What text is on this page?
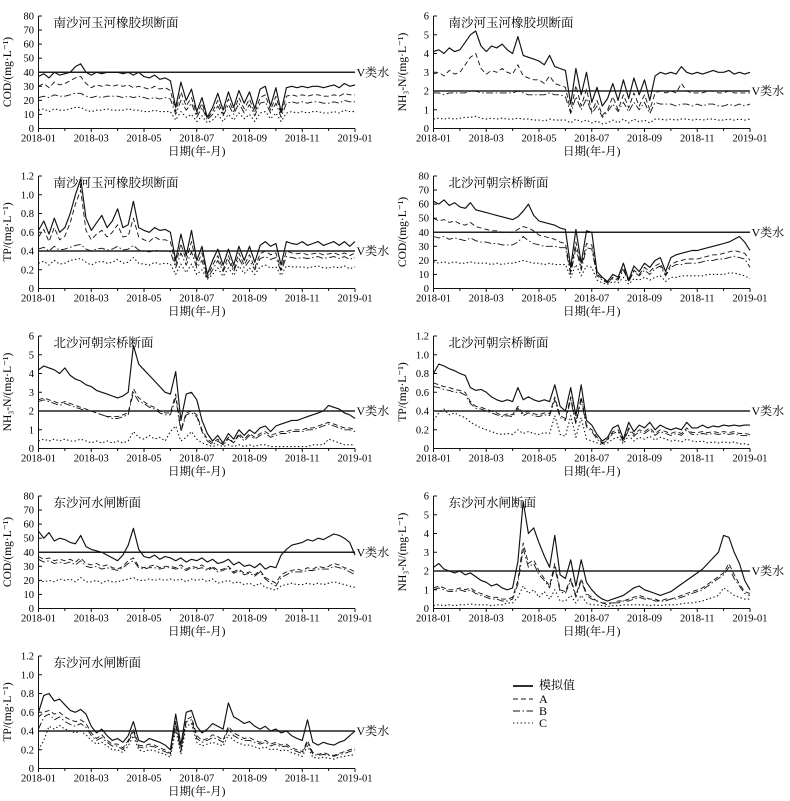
0
10
20
30
40
50
60
70
80
2018-01 2018-03 2018-05 2018-07 2018-09 2018-11 2019-01
南沙河玉河橡胶坝断面
COD/(mg·L⁻¹)
日期(年-月)
V类水
0
1
2
3
4
5
6
2018-01 2018-03 2018-05 2018-07 2018-09 2018-11 2019-01
南沙河玉河橡胶坝断面
NH₃-N/(mg·L⁻¹)
日期(年-月)
V类水
0
0.2
0.4
0.6
0.8
1.0
1.2
2018-01 2018-03 2018-05 2018-07 2018-09 2018-11 2019-01
南沙河玉河橡胶坝断面
TP/(mg·L⁻¹)
日期(年-月)
V类水
0
10
20
30
40
50
60
70
80
2018-01 2018-03 2018-05 2018-07 2018-09 2018-11 2019-01
北沙河朝宗桥断面
COD/(mg·L⁻¹)
日期(年-月)
V类水
0
1
2
3
4
5
6
2018-01 2018-03 2018-05 2018-07 2018-09 2018-11 2019-01
北沙河朝宗桥断面
NH₃-N/(mg·L⁻¹)
日期(年-月)
V类水
0
0.2
0.4
0.6
0.8
1.0
1.2
2018-01 2018-03 2018-05 2018-07 2018-09 2018-11 2019-01
北沙河朝宗桥断面
TP/(mg·L⁻¹)
日期(年-月)
V类水
0
10
20
30
40
50
60
70
80
2018-01 2018-03 2018-05 2018-07 2018-09 2018-11 2019-01
东沙河水闸断面
COD/(mg·L⁻¹)
日期(年-月)
V类水
0
1
2
3
4
5
6
2018-01 2018-03 2018-05 2018-07 2018-09 2018-11 2019-01
东沙河水闸断面
NH₃-N/(mg·L⁻¹)
日期(年-月)
V类水
0
0.2
0.4
0.6
0.8
1.0
1.2
2018-01 2018-03 2018-05 2018-07 2018-09 2018-11 2019-01
东沙河水闸断面
TP/(mg·L⁻¹)
日期(年-月)
V类水
模拟值
A
B
C
